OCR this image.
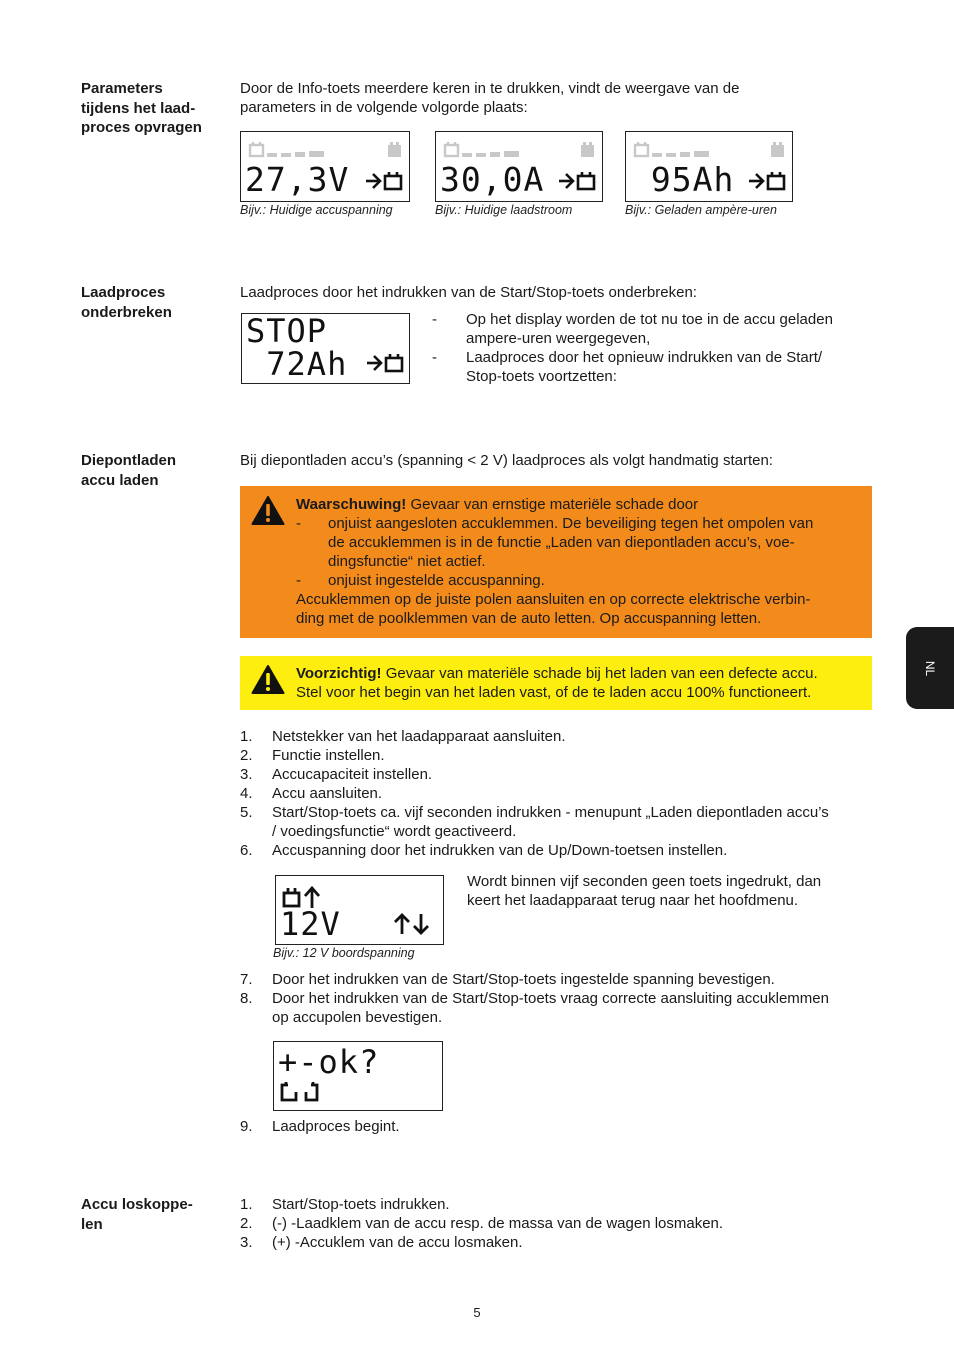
Parameters
tijdens het laad-
proces opvragen
Door de Info-toets meerdere keren in te drukken, vindt de weergave van de
parameters in de volgende volgorde plaats:
27,3V
Bijv.: Huidige accuspanning
30,0A
Bijv.: Huidige laadstroom
95Ah
Bijv.: Geladen ampère-uren
Laadproces
onderbreken
Laadproces door het indrukken van de Start/Stop-toets onderbreken:
STOP
72Ah
- Op het display worden de tot nu toe in de accu geladen
ampere-uren weergegeven,
- Laadproces door het opnieuw indrukken van de Start/
Stop-toets voortzetten:
Diepontladen
accu laden
Bij diepontladen accu’s (spanning < 2 V) laadproces als volgt handmatig starten:
Waarschuwing! Gevaar van ernstige materiële schade door
- onjuist aangesloten accuklemmen. De beveiliging tegen het ompolen van
de accuklemmen is in de functie „Laden van diepontladen accu’s, voe-
dingsfunctie“ niet actief.
- onjuist ingestelde accuspanning.
Accuklemmen op de juiste polen aansluiten en op correcte elektrische verbin-
ding met de poolklemmen van de auto letten. Op accuspanning letten.
Voorzichtig! Gevaar van materiële schade bij het laden van een defecte accu.
Stel voor het begin van het laden vast, of de te laden accu 100% functioneert.
1. Netstekker van het laadapparaat aansluiten.
2. Functie instellen.
3. Accucapaciteit instellen.
4. Accu aansluiten.
5. Start/Stop-toets ca. vijf seconden indrukken - menupunt „Laden diepontladen accu’s
/ voedingsfunctie“ wordt geactiveerd.
6. Accuspanning door het indrukken van de Up/Down-toetsen instellen.
12V
Bijv.: 12 V boordspanning
Wordt binnen vijf seconden geen toets ingedrukt, dan
keert het laadapparaat terug naar het hoofdmenu.
7. Door het indrukken van de Start/Stop-toets ingestelde spanning bevestigen.
8. Door het indrukken van de Start/Stop-toets vraag correcte aansluiting accuklemmen
op accupolen bevestigen.
+-ok?
9. Laadproces begint.
Accu loskoppe-
len
1. Start/Stop-toets indrukken.
2. (-) -Laadklem van de accu resp. de massa van de wagen losmaken.
3. (+) -Accuklem van de accu losmaken.
NL
5
